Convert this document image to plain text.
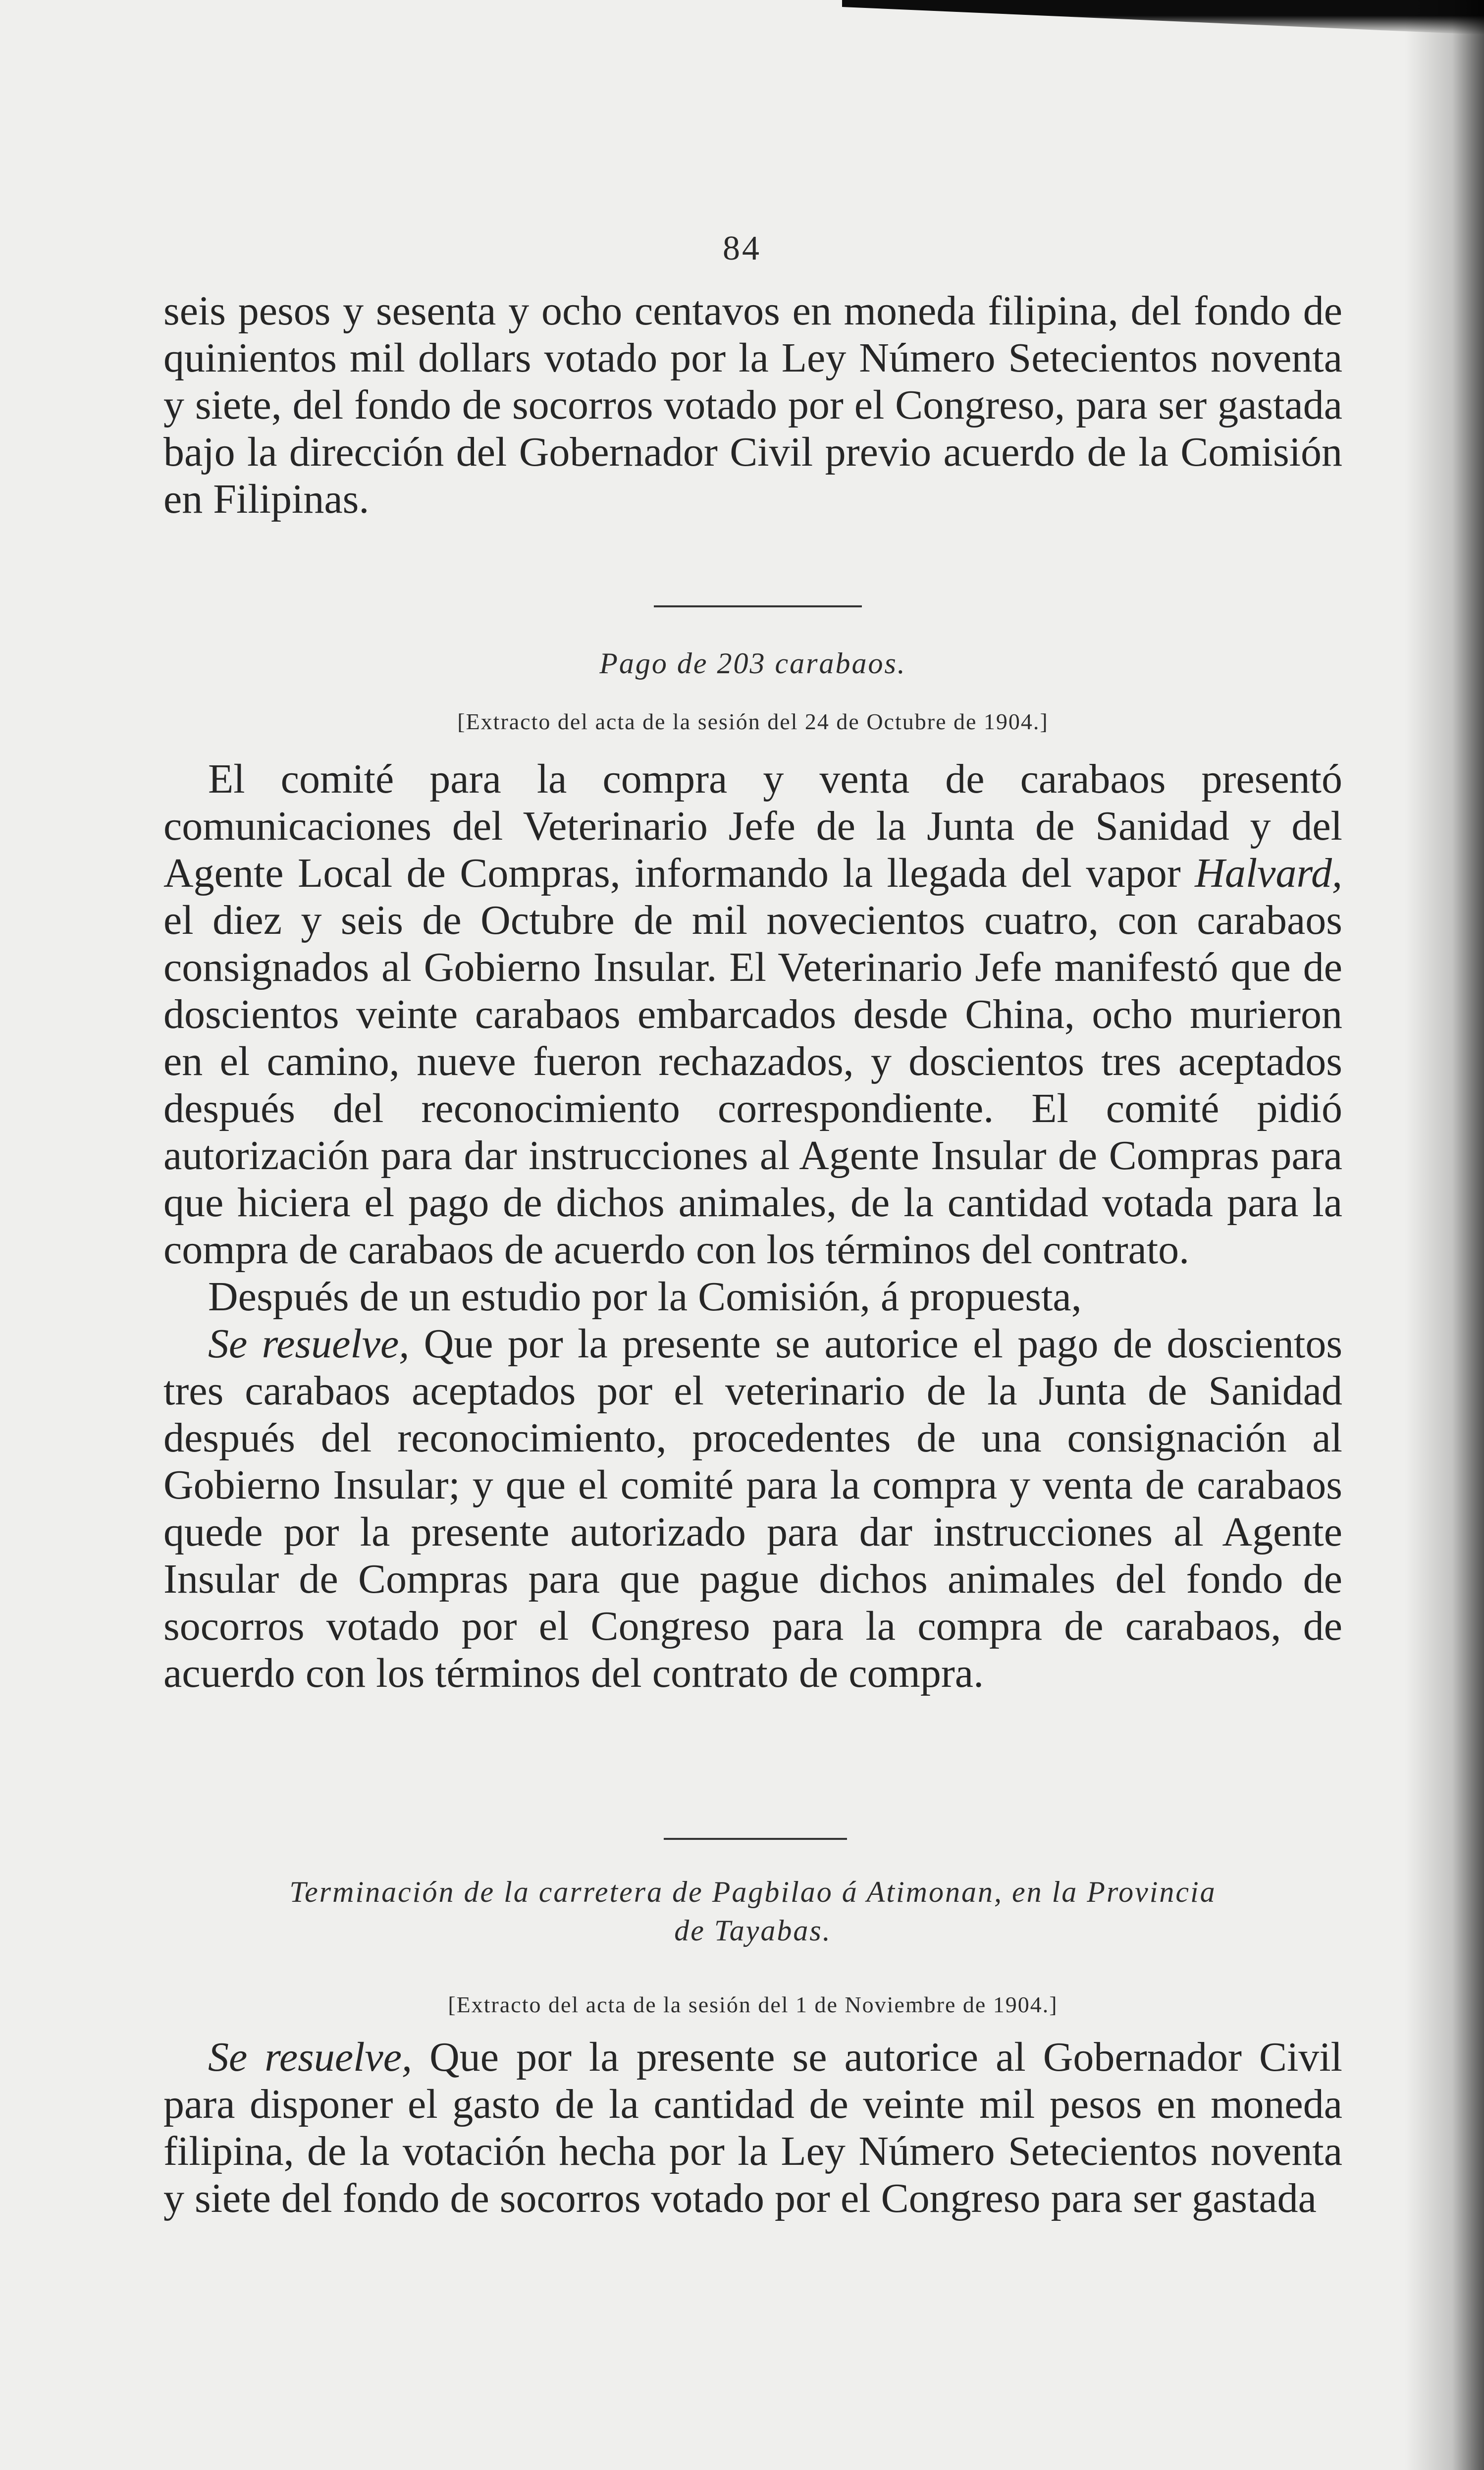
84

seis pesos y sesenta y ocho centavos en moneda filipina, del fondo de quinientos mil dollars votado por la Ley Número Setecientos noventa y siete, del fondo de socorros votado por el Congreso, para ser gastada bajo la dirección del Gobernador Civil previo acuerdo de la Comisión en Filipinas.

Pago de 203 carabaos.
[Extracto del acta de la sesión del 24 de Octubre de 1904.]

El comité para la compra y venta de carabaos presentó comunicaciones del Veterinario Jefe de la Junta de Sanidad y del Agente Local de Compras, informando la llegada del vapor Halvard, el diez y seis de Octubre de mil novecientos cuatro, con carabaos consignados al Gobierno Insular. El Veterinario Jefe manifestó que de doscientos veinte carabaos embarcados desde China, ocho murieron en el camino, nueve fueron rechazados, y doscientos tres aceptados después del reconocimiento correspondiente. El comité pidió autorización para dar instrucciones al Agente Insular de Compras para que hiciera el pago de dichos animales, de la cantidad votada para la compra de carabaos de acuerdo con los términos del contrato.

Después de un estudio por la Comisión, á propuesta,

Se resuelve, Que por la presente se autorice el pago de doscientos tres carabaos aceptados por el veterinario de la Junta de Sanidad después del reconocimiento, procedentes de una consignación al Gobierno Insular; y que el comité para la compra y venta de carabaos quede por la presente autorizado para dar instrucciones al Agente Insular de Compras para que pague dichos animales del fondo de socorros votado por el Congreso para la compra de carabaos, de acuerdo con los términos del contrato de compra.

Terminación de la carretera de Pagbilao á Atimonan, en la Provincia
de Tayabas.
[Extracto del acta de la sesión del 1 de Noviembre de 1904.]

Se resuelve, Que por la presente se autorice al Gobernador Civil para disponer el gasto de la cantidad de veinte mil pesos en moneda filipina, de la votación hecha por la Ley Número Setecientos noventa y siete del fondo de socorros votado por el Congreso para ser gastada
